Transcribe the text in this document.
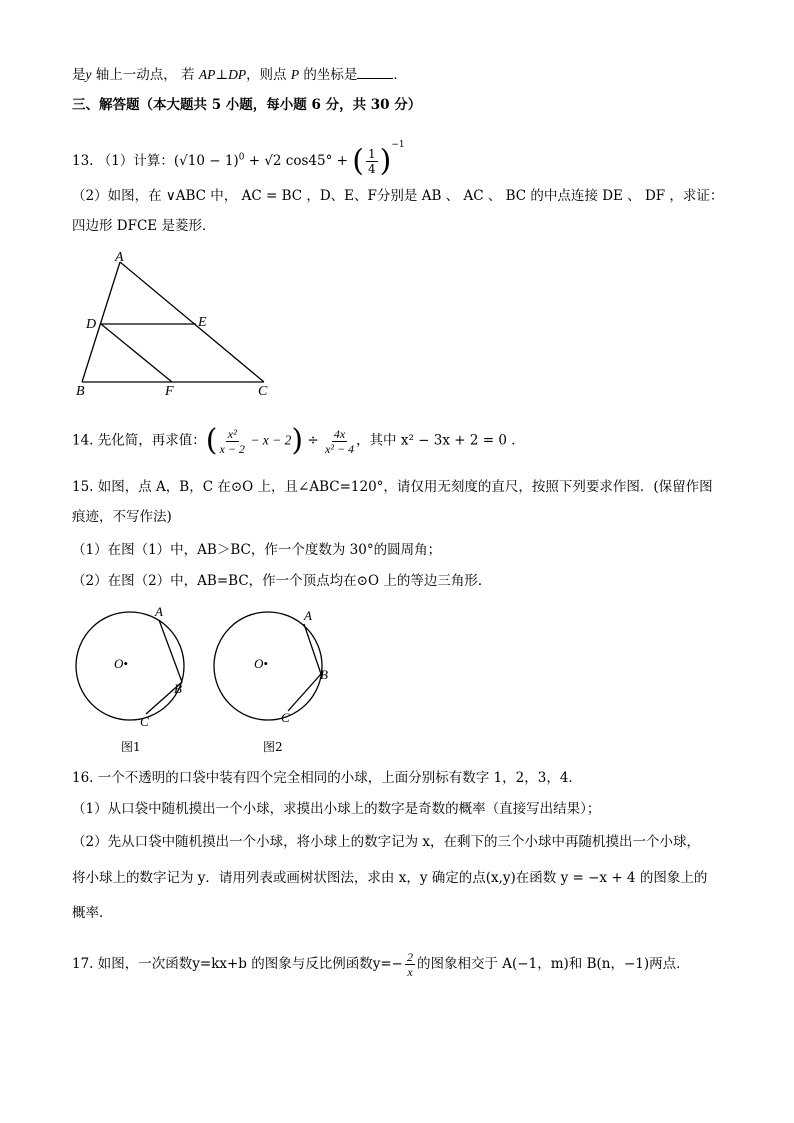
是y 轴上一动点， 若 AP⊥DP，则点 P 的坐标是	．
三、解答题（本大题共 5 小题，每小题 6 分，共 30 分）
13. （1）计算：$(√10 - 1)^0 + √2$ cos45° + ( $\frac{1}{4} )^{-1}$
（2）如图，在 ∨ABC 中， AC = BC ，D、E、F分别是 AB 、 AC 、 BC 的中点连接 DE 、 DF ，求证：
四边形 DFCE 是菱形．
A
D	E
B	F	C
14. 先化简，再求值：( $\frac{\text{x²}}{x - 2} - x - 2) \div \frac{4x}{\text{x² − 4}}$ ，其中 x² − 3x + 2 = 0 ．
15. 如图，点 A，B，C 在⊙O 上，且∠ABC=120°，请仅用无刻度的直尺，按照下列要求作图．(保留作图
痕迹，不写作法)
（1）在图（1）中，AB＞BC，作一个度数为 30°的圆周角；
（2）在图（2）中，AB=BC，作一个顶点均在⊙O 上的等边三角形．
O•
A
B
C
图1
O•
A
B
C
图2
16. 一个不透明的口袋中装有四个完全相同的小球，上面分别标有数字 1，2，3，4．
（1）从口袋中随机摸出一个小球，求摸出小球上的数字是奇数的概率（直接写出结果）；
（2）先从口袋中随机摸出一个小球，将小球上的数字记为 x，在剩下的三个小球中再随机摸出一个小球，
将小球上的数字记为 y．请用列表或画树状图法，求由 x，y 确定的点(x,y)在函数 y = −x + 4 的图象上的
概率．
17. 如图，一次函数y=kx+b 的图象与反比例函数$y=- \frac{2}{x}$ 的图象相交于 A(−1，m)和 B(n，−1)两点．
